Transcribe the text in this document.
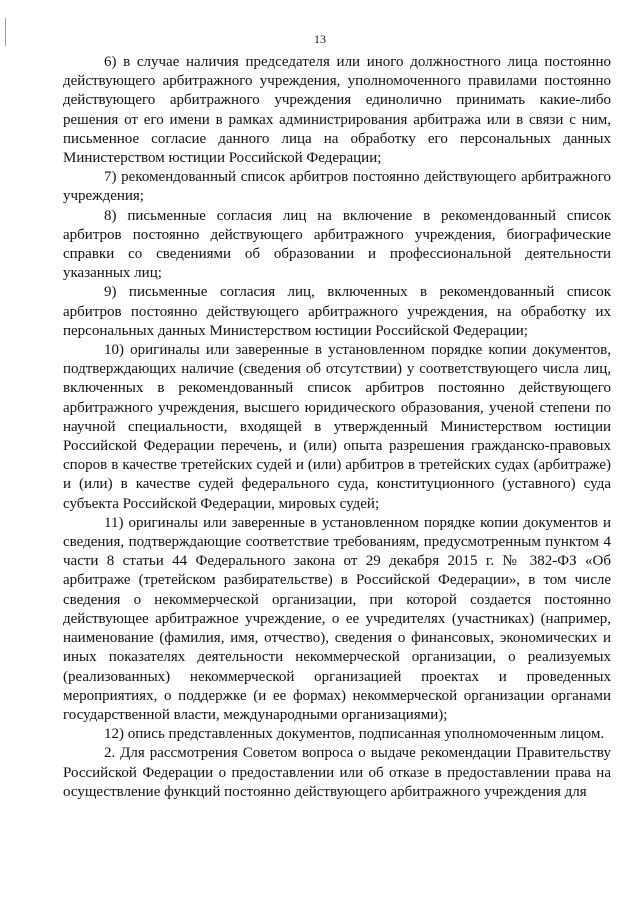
13

6) в случае наличия председателя или иного должностного лица постоянно действующего арбитражного учреждения, уполномоченного правилами постоянно действующего арбитражного учреждения единолично принимать какие-либо решения от его имени в рамках администрирования арбитража или в связи с ним, письменное согласие данного лица на обработку его персональных данных Министерством юстиции Российской Федерации;

7) рекомендованный список арбитров постоянно действующего арбитражного учреждения;

8) письменные согласия лиц на включение в рекомендованный список арбитров постоянно действующего арбитражного учреждения, биографические справки со сведениями об образовании и профессиональной деятельности указанных лиц;

9) письменные согласия лиц, включенных в рекомендованный список арбитров постоянно действующего арбитражного учреждения, на обработку их персональных данных Министерством юстиции Российской Федерации;

10) оригиналы или заверенные в установленном порядке копии документов, подтверждающих наличие (сведения об отсутствии) у соответствующего числа лиц, включенных в рекомендованный список арбитров постоянно действующего арбитражного учреждения, высшего юридического образования, ученой степени по научной специальности, входящей в утвержденный Министерством юстиции Российской Федерации перечень, и (или) опыта разрешения гражданско-правовых споров в качестве третейских судей и (или) арбитров в третейских судах (арбитраже) и (или) в качестве судей федерального суда, конституционного (уставного) суда субъекта Российской Федерации, мировых судей;

11) оригиналы или заверенные в установленном порядке копии документов и сведения, подтверждающие соответствие требованиям, предусмотренным пунктом 4 части 8 статьи 44 Федерального закона от 29 декабря 2015 г. № 382-ФЗ «Об арбитраже (третейском разбирательстве) в Российской Федерации», в том числе сведения о некоммерческой организации, при которой создается постоянно действующее арбитражное учреждение, о ее учредителях (участниках) (например, наименование (фамилия, имя, отчество), сведения о финансовых, экономических и иных показателях деятельности некоммерческой организации, о реализуемых (реализованных) некоммерческой организацией проектах и проведенных мероприятиях, о поддержке (и ее формах) некоммерческой организации органами государственной власти, международными организациями);

12) опись представленных документов, подписанная уполномоченным лицом.

2. Для рассмотрения Советом вопроса о выдаче рекомендации Правительству Российской Федерации о предоставлении или об отказе в предоставлении права на осуществление функций постоянно действующего арбитражного учреждения для
